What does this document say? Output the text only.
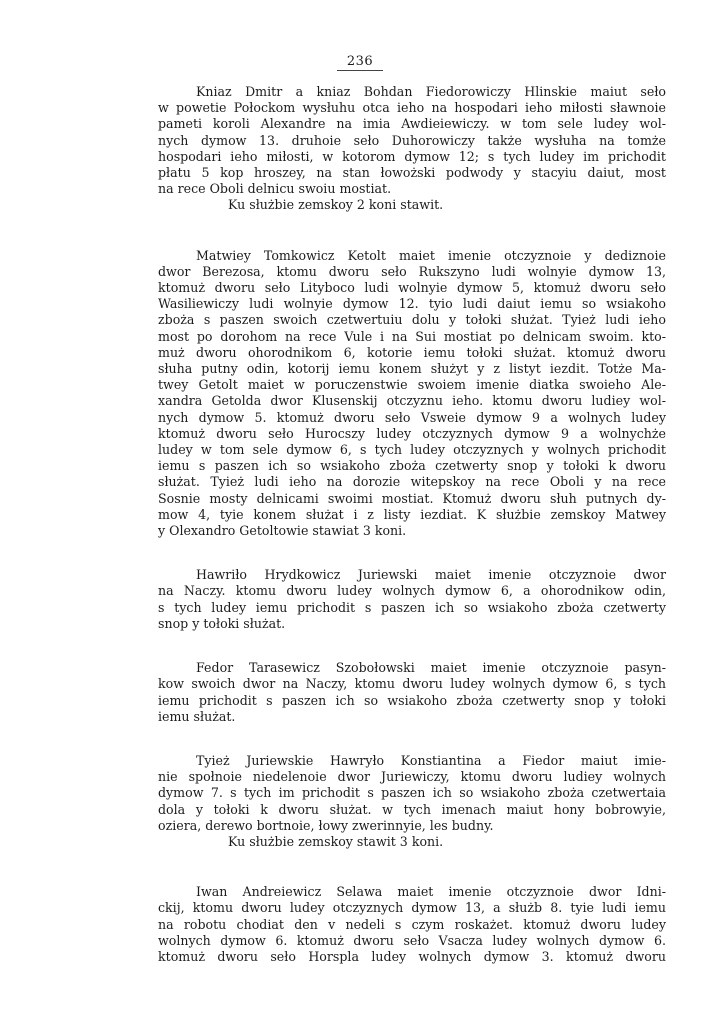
236

Kniaz Dmitr a kniaz Bohdan Fiedorowiczy Hlinskie maiut seło
w powetie Połockom wysłuhu otca ieho na hospodari ieho miłosti sławnoie
pameti koroli Alexandre na imia Awdieiewiczy. w tom sele ludey wol-
nych dymow 13. druhoie seło Duhorowiczy także wysłuha na tomże
hospodari ieho miłosti, w kotorom dymow 12; s tych ludey im prichodit
płatu 5 kop hroszey, na stan łowożski podwody y stacyiu daiut, most
na rece Oboli delnicu swoiu mostiat.
Ku służbie zemskoy 2 koni stawit.

Matwiey Tomkowicz Ketolt maiet imenie otczyznoie y dediznoie
dwor Berezosa, ktomu dworu seło Rukszyno ludi wolnyie dymow 13,
ktomuż dworu seło Lityboco ludi wolnyie dymow 5, ktomuż dworu seło
Wasiliewiczy ludi wolnyie dymow 12. tyio ludi daiut iemu so wsiakoho
zboża s paszen swoich czetwertuiu dolu y tołoki służat. Tyież ludi ieho
most po dorohom na rece Vule i na Sui mostiat po delnicam swoim. kto-
muż dworu ohorodnikom 6, kotorie iemu tołoki służat. ktomuż dworu
słuha putny odin, kotorij iemu konem służyt y z listyt iezdit. Totże Ma-
twey Getolt maiet w poruczenstwie swoiem imenie diatka swoieho Ale-
xandra Getolda dwor Klusenskij otczyznu ieho. ktomu dworu ludiey wol-
nych dymow 5. ktomuż dworu seło Vsweie dymow 9 a wolnych ludey
ktomuż dworu seło Hurocszy ludey otczyznych dymow 9 a wolnychże
ludey w tom sele dymow 6, s tych ludey otczyznych y wolnych prichodit
iemu s paszen ich so wsiakoho zboża czetwerty snop y tołoki k dworu
służat. Tyież ludi ieho na dorozie witepskoy na rece Oboli y na rece
Sosnie mosty delnicami swoimi mostiat. Ktomuż dworu słuh putnych dy-
mow 4, tyie konem służat i z listy iezdiat. K służbie zemskoy Matwey
y Olexandro Getoltowie stawiat 3 koni.

Hawriło Hrydkowicz Juriewski maiet imenie otczyznoie dwor
na Naczy. ktomu dworu ludey wolnych dymow 6, a ohorodnikow odin,
s tych ludey iemu prichodit s paszen ich so wsiakoho zboża czetwerty
snop y tołoki służat.

Fedor Tarasewicz Szobołowski maiet imenie otczyznoie pasyn-
kow swoich dwor na Naczy, ktomu dworu ludey wolnych dymow 6, s tych
iemu prichodit s paszen ich so wsiakoho zboża czetwerty snop y tołoki
iemu służat.

Tyież Juriewskie Hawryło Konstiantina a Fiedor maiut imie-
nie społnoie niedelenoie dwor Juriewiczy, ktomu dworu ludiey wolnych
dymow 7. s tych im prichodit s paszen ich so wsiakoho zboża czetwertaia
dola y tołoki k dworu służat. w tych imenach maiut hony bobrowyie,
oziera, derewo bortnoie, łowy zwerinnyie, les budny.
Ku służbie zemskoy stawit 3 koni.

Iwan Andreiewicz Selawa maiet imenie otczyznoie dwor Idni-
ckij, ktomu dworu ludey otczyznych dymow 13, a służb 8. tyie ludi iemu
na robotu chodiat den v nedeli s czym roskażet. ktomuż dworu ludey
wolnych dymow 6. ktomuż dworu seło Vsacza ludey wolnych dymow 6.
ktomuż dworu seło Horspla ludey wolnych dymow 3. ktomuż dworu
